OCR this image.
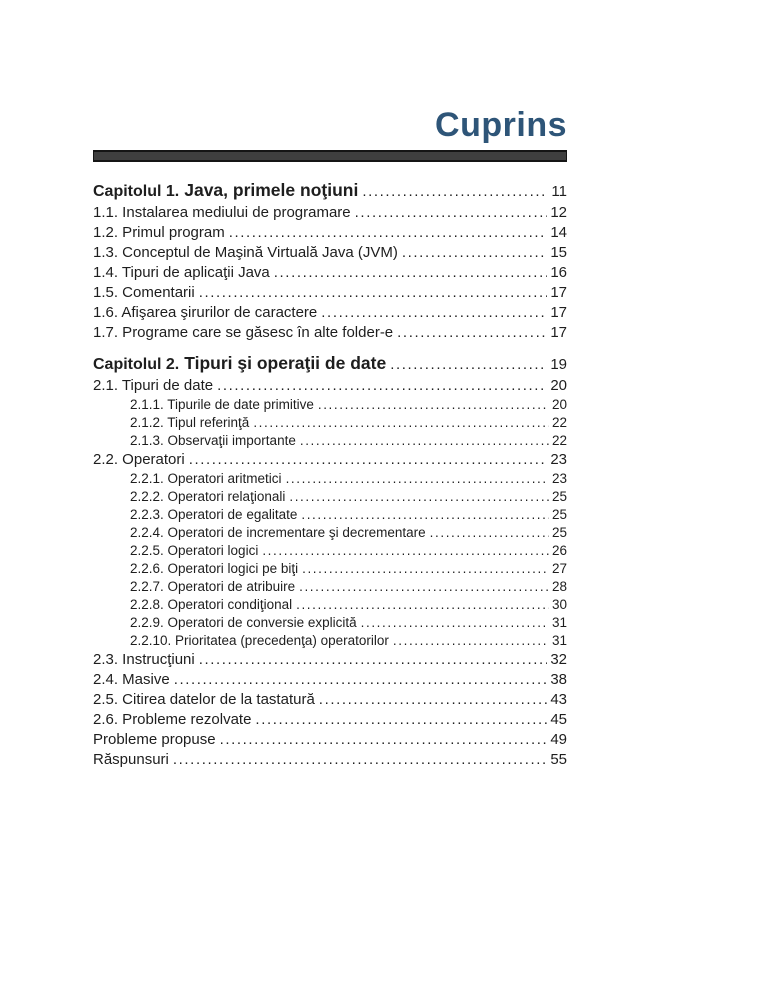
Cuprins
Capitolul 1. Java, primele noţiuni .....	11
1.1. Instalarea mediului de programare .....	12
1.2. Primul program .....	14
1.3. Conceptul de Maşină Virtuală Java (JVM) .....	15
1.4. Tipuri de aplicaţii Java .....	16
1.5. Comentarii .....	17
1.6. Afişarea şirurilor de caractere .....	17
1.7. Programe care se găsesc în alte folder-e .....	17
Capitolul 2. Tipuri şi operaţii de date .....	19
2.1. Tipuri de date .....	20
2.1.1. Tipurile de date primitive .....	20
2.1.2. Tipul referinţă .....	22
2.1.3. Observaţii importante .....	22
2.2. Operatori .....	23
2.2.1. Operatori aritmetici .....	23
2.2.2. Operatori relaţionali .....	25
2.2.3. Operatori de egalitate .....	25
2.2.4. Operatori de incrementare şi decrementare .....	25
2.2.5. Operatori logici .....	26
2.2.6. Operatori logici pe biţi .....	27
2.2.7. Operatori de atribuire .....	28
2.2.8. Operatori condiţional .....	30
2.2.9. Operatori de conversie explicită .....	31
2.2.10. Prioritatea (precedenţa) operatorilor .....	31
2.3. Instrucţiuni .....	32
2.4. Masive .....	38
2.5. Citirea datelor de la tastatură .....	43
2.6. Probleme rezolvate .....	45
Probleme propuse .....	49
Răspunsuri .....	55
